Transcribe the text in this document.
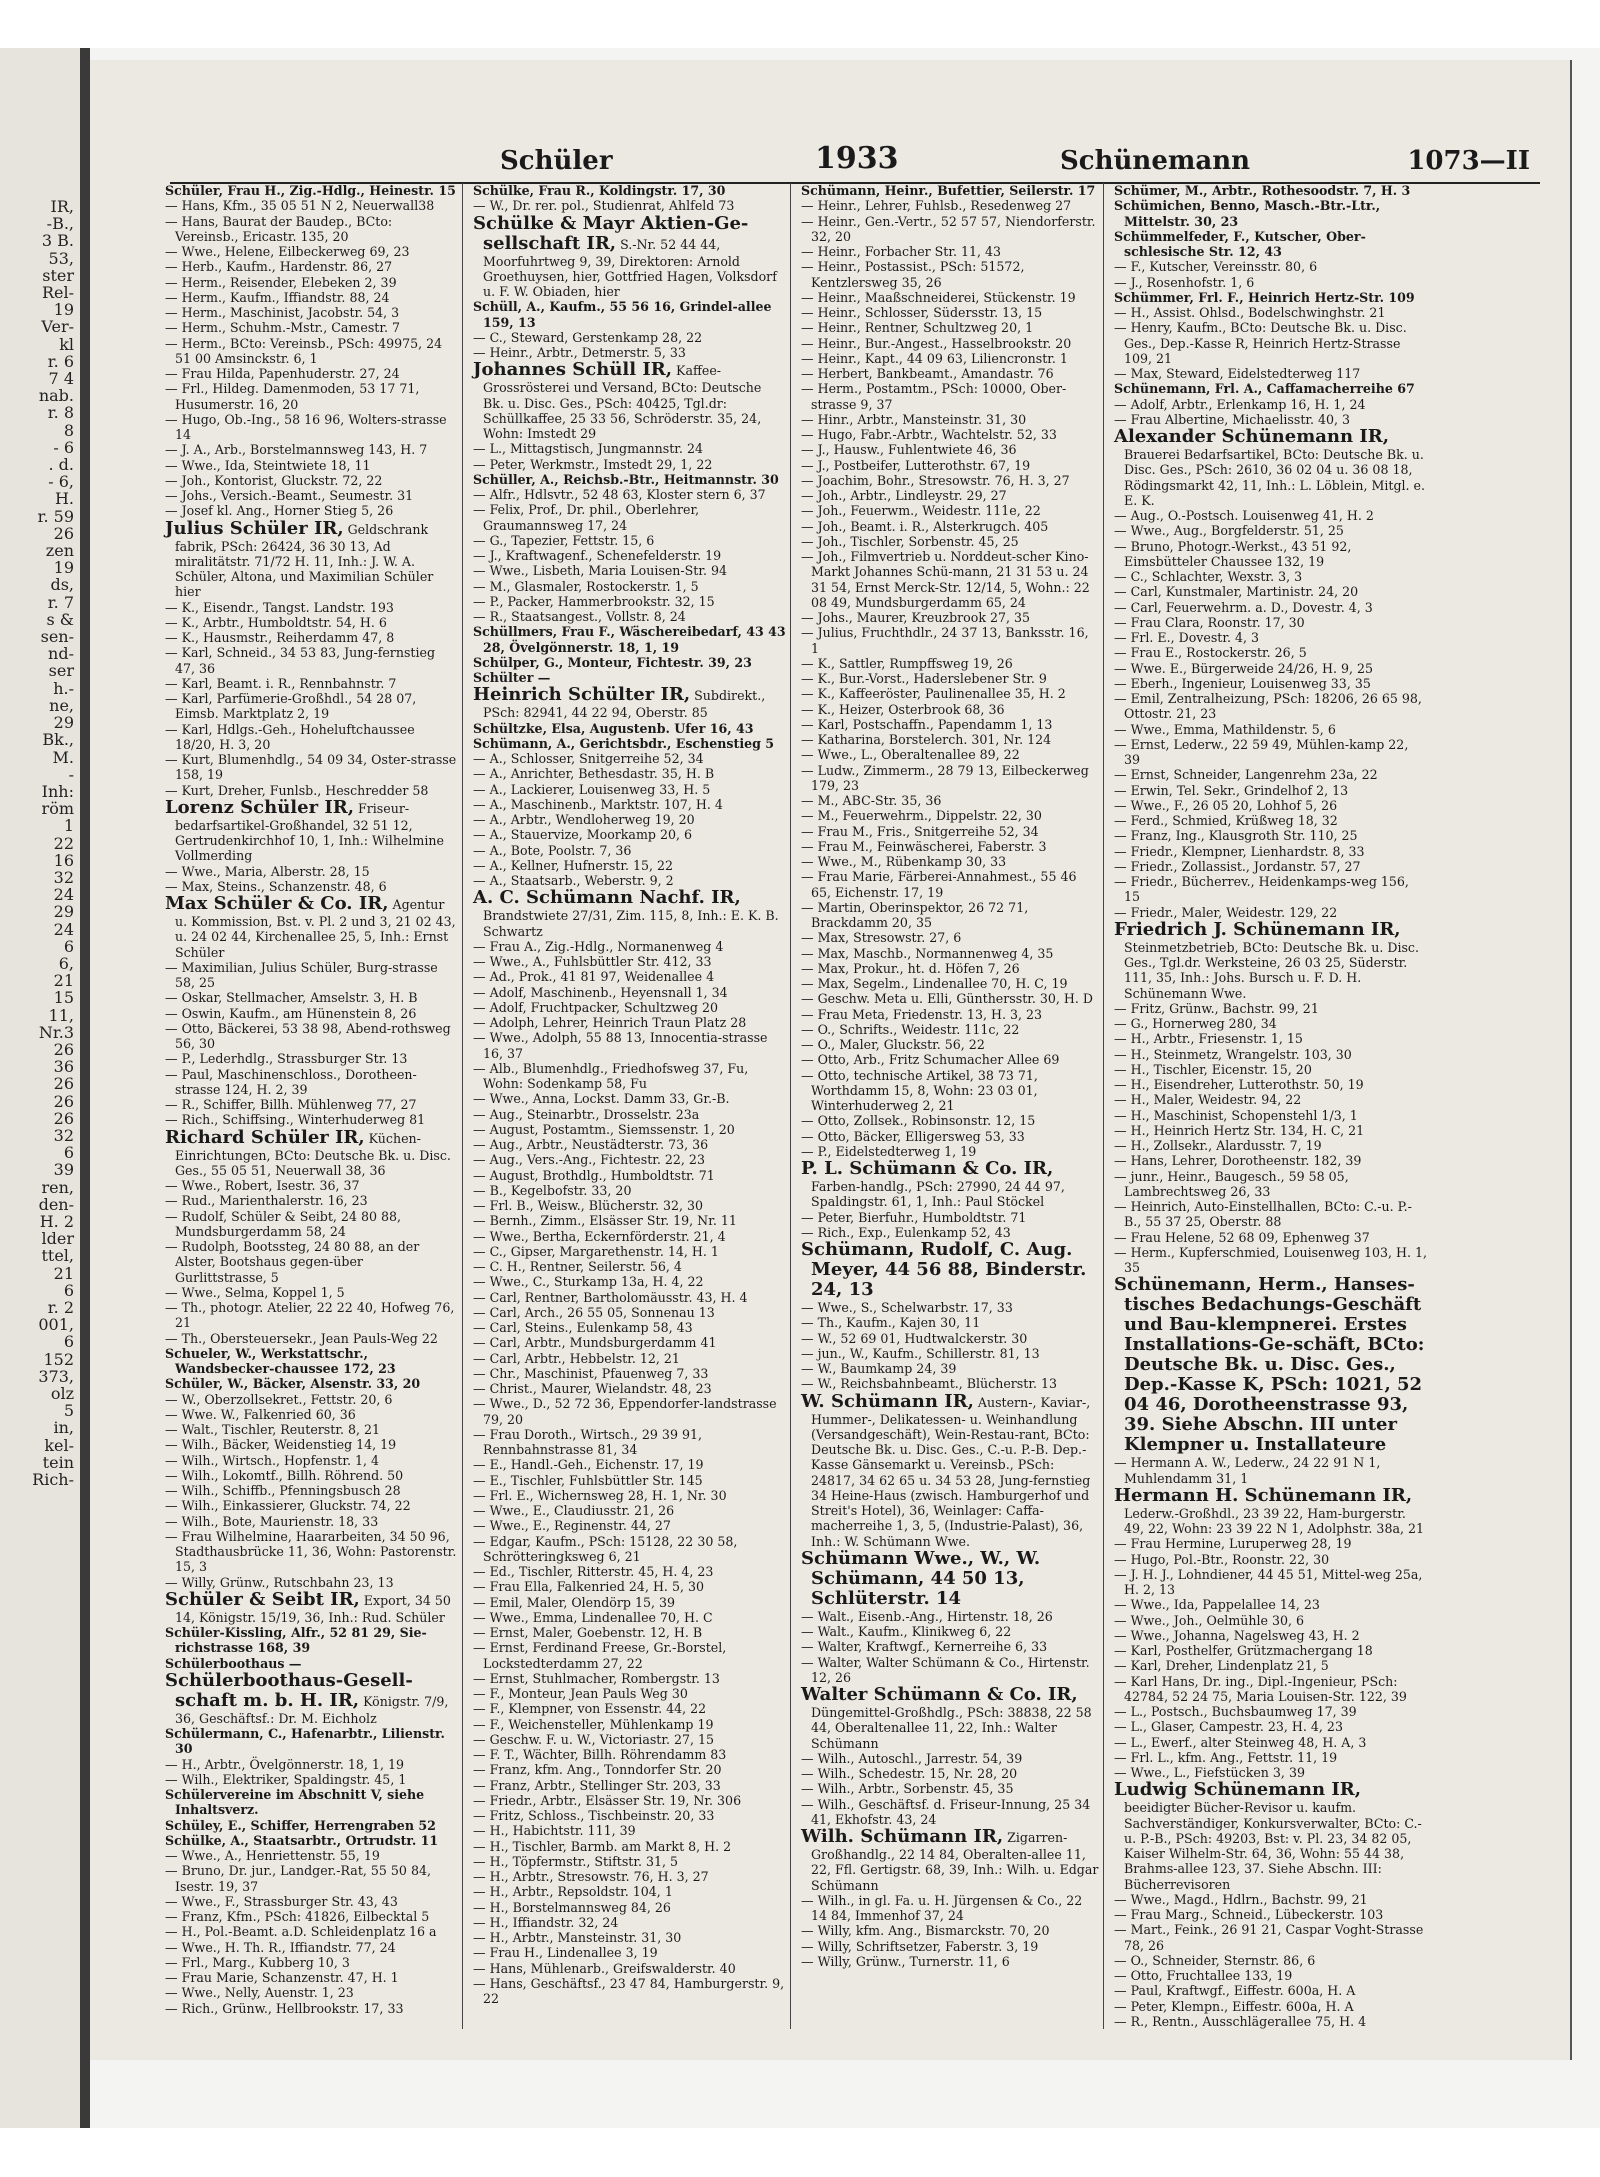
IR,
-B.,
3 B.
53,
ster
Rel-
19
Ver-
kl
r. 6
7 4
nab.
r. 8
8
- 6
. d.
- 6,
H.
r. 59
26
zen
19
ds,
r. 7
s &
sen-
nd-
ser
h.-
ne,
29
Bk.,
M.
-
Inh:
röm
1
22
16
32
24
29
24
6
6,
21
15
11,
Nr.3
26
36
26
26
26
32
6
39
ren,
den-
H. 2
lder
ttel,
21
6
r. 2
001,
6
152
373,
olz
5
in,
kel-
tein
Rich-
Schüler	1933	Schünemann	1073—II

Schüler, Frau H., Zig.-Hdlg., Heinestr. 15

— Hans, Kfm., 35 05 51 N 2, Neuerwall38

— Hans, Baurat der Baudep., BCto: Vereinsb., Ericastr. 135, 20

— Wwe., Helene, Eilbeckerweg 69, 23

— Herb., Kaufm., Hardenstr. 86, 27

— Herm., Reisender, Elebeken 2, 39

— Herm., Kaufm., Iffiandstr. 88, 24

— Herm., Maschinist, Jacobstr. 54, 3

— Herm., Schuhm.-Mstr., Camestr. 7

— Herm., BCto: Vereinsb., PSch: 49975, 24 51 00 Amsinckstr. 6, 1

— Frau Hilda, Papenhuderstr. 27, 24

— Frl., Hildeg. Damenmoden, 53 17 71, Husumerstr. 16, 20

— Hugo, Ob.-Ing., 58 16 96, Wolters-strasse 14

— J. A., Arb., Borstelmannsweg 143, H. 7

— Wwe., Ida, Steintwiete 18, 11

— Joh., Kontorist, Gluckstr. 72, 22

— Johs., Versich.-Beamt., Seumestr. 31

— Josef kl. Ang., Horner Stieg 5, 26

Julius Schüler IR, Geldschrank fabrik, PSch: 26424, 36 30 13, Ad miralitätstr. 71/72 H. 11, Inh.: J. W. A. Schüler, Altona, und Maximilian Schüler hier

— K., Eisendr., Tangst. Landstr. 193

— K., Arbtr., Humboldtstr. 54, H. 6

— K., Hausmstr., Reiherdamm 47, 8

— Karl, Schneid., 34 53 83, Jung-fernstieg 47, 36

— Karl, Beamt. i. R., Rennbahnstr. 7

— Karl, Parfümerie-Großhdl., 54 28 07, Eimsb. Marktplatz 2, 19

— Karl, Hdlgs.-Geh., Hoheluftchaussee 18/20, H. 3, 20

— Kurt, Blumenhdlg., 54 09 34, Oster-strasse 158, 19

— Kurt, Dreher, Funlsb., Heschredder 58

Lorenz Schüler IR, Friseur-bedarfsartikel-Großhandel, 32 51 12, Gertrudenkirchhof 10, 1, Inh.: Wilhelmine Vollmerding

— Wwe., Maria, Alberstr. 28, 15

— Max, Steins., Schanzenstr. 48, 6

Max Schüler & Co. IR, Agentur u. Kommission, Bst. v. Pl. 2 und 3, 21 02 43, u. 24 02 44, Kirchenallee 25, 5, Inh.: Ernst Schüler

— Maximilian, Julius Schüler, Burg-strasse 58, 25

— Oskar, Stellmacher, Amselstr. 3, H. B

— Oswin, Kaufm., am Hünenstein 8, 26

— Otto, Bäckerei, 53 38 98, Abend-rothsweg 56, 30

— P., Lederhdlg., Strassburger Str. 13

— Paul, Maschinenschloss., Dorotheen-strasse 124, H. 2, 39

— R., Schiffer, Billh. Mühlenweg 77, 27

— Rich., Schiffsing., Winterhuderweg 81

Richard Schüler IR, Küchen-Einrichtungen, BCto: Deutsche Bk. u. Disc. Ges., 55 05 51, Neuerwall 38, 36

— Wwe., Robert, Isestr. 36, 37

— Rud., Marienthalerstr. 16, 23

— Rudolf, Schüler & Seibt, 24 80 88, Mundsburgerdamm 58, 24

— Rudolph, Bootssteg, 24 80 88, an der Alster, Bootshaus gegen-über Gurlittstrasse, 5

— Wwe., Selma, Koppel 1, 5

— Th., photogr. Atelier, 22 22 40, Hofweg 76, 21

— Th., Obersteuersekr., Jean Pauls-Weg 22

Schueler, W., Werkstattschr., Wandsbecker-chaussee 172, 23

Schüler, W., Bäcker, Alsenstr. 33, 20

— W., Oberzollsekret., Fettstr. 20, 6

— Wwe. W., Falkenried 60, 36

— Walt., Tischler, Reuterstr. 8, 21

— Wilh., Bäcker, Weidenstieg 14, 19

— Wilh., Wirtsch., Hopfenstr. 1, 4

— Wilh., Lokomtf., Billh. Röhrend. 50

— Wilh., Schiffb., Pfenningsbusch 28

— Wilh., Einkassierer, Gluckstr. 74, 22

— Wilh., Bote, Maurienstr. 18, 33

— Frau Wilhelmine, Haararbeiten, 34 50 96, Stadthausbrücke 11, 36, Wohn: Pastorenstr. 15, 3

— Willy, Grünw., Rutschbahn 23, 13

Schüler & Seibt IR, Export, 34 50 14, Königstr. 15/19, 36, Inh.: Rud. Schüler

Schüler-Kissling, Alfr., 52 81 29, Sie-richstrasse 168, 39

Schülerboothaus —

Schülerboothaus-Gesell-schaft m. b. H. IR, Königstr. 7/9, 36, Geschäftsf.: Dr. M. Eichholz

Schülermann, C., Hafenarbtr., Lilienstr. 30

— H., Arbtr., Övelgönnerstr. 18, 1, 19

— Wilh., Elektriker, Spaldingstr. 45, 1

Schülervereine im Abschnitt V, siehe Inhaltsverz.

Schüley, E., Schiffer, Herrengraben 52

Schülke, A., Staatsarbtr., Ortrudstr. 11

— Wwe., A., Henriettenstr. 55, 19

— Bruno, Dr. jur., Landger.-Rat, 55 50 84, Isestr. 19, 37

— Wwe., F., Strassburger Str. 43, 43

— Franz, Kfm., PSch: 41826, Eilbecktal 5

— H., Pol.-Beamt. a.D. Schleidenplatz 16 a

— Wwe., H. Th. R., Iffiandstr. 77, 24

— Frl., Marg., Kubberg 10, 3

— Frau Marie, Schanzenstr. 47, H. 1

— Wwe., Nelly, Auenstr. 1, 23

— Rich., Grünw., Hellbrookstr. 17, 33

Schülke, Frau R., Koldingstr. 17, 30

— W., Dr. rer. pol., Studienrat, Ahlfeld 73

Schülke & Mayr Aktien-Ge-sellschaft IR, S.-Nr. 52 44 44, Moorfuhrtweg 9, 39, Direktoren: Arnold Groethuysen, hier, Gottfried Hagen, Volksdorf u. F. W. Obiaden, hier

Schüll, A., Kaufm., 55 56 16, Grindel-allee 159, 13

— C., Steward, Gerstenkamp 28, 22

— Heinr., Arbtr., Detmerstr. 5, 33

Johannes Schüll IR, Kaffee-Grossrösterei und Versand, BCto: Deutsche Bk. u. Disc. Ges., PSch: 40425, Tgl.dr: Schüllkaffee, 25 33 56, Schröderstr. 35, 24, Wohn: Imstedt 29

— L., Mittagstisch, Jungmannstr. 24

— Peter, Werkmstr., Imstedt 29, 1, 22

Schüller, A., Reichsb.-Btr., Heitmannstr. 30

— Alfr., Hdlsvtr., 52 48 63, Kloster stern 6, 37

— Felix, Prof., Dr. phil., Oberlehrer, Graumannsweg 17, 24

— G., Tapezier, Fettstr. 15, 6

— J., Kraftwagenf., Schenefelderstr. 19

— Wwe., Lisbeth, Maria Louisen-Str. 94

— M., Glasmaler, Rostockerstr. 1, 5

— P., Packer, Hammerbrookstr. 32, 15

— R., Staatsangest., Vollstr. 8, 24

Schüllmers, Frau F., Wäschereibedarf, 43 43 28, Övelgönnerstr. 18, 1, 19

Schülper, G., Monteur, Fichtestr. 39, 23

Schülter —

Heinrich Schülter IR, Subdirekt., PSch: 82941, 44 22 94, Oberstr. 85

Schültzke, Elsa, Augustenb. Ufer 16, 43

Schümann, A., Gerichtsbdr., Eschenstieg 5

— A., Schlosser, Snitgerreihe 52, 34

— A., Anrichter, Bethesdastr. 35, H. B

— A., Lackierer, Louisenweg 33, H. 5

— A., Maschinenb., Marktstr. 107, H. 4

— A., Arbtr., Wendloherweg 19, 20

— A., Stauervize, Moorkamp 20, 6

— A., Bote, Poolstr. 7, 36

— A., Kellner, Hufnerstr. 15, 22

— A., Staatsarb., Weberstr. 9, 2

A. C. Schümann Nachf. IR, Brandstwiete 27/31, Zim. 115, 8, Inh.: E. K. B. Schwartz

— Frau A., Zig.-Hdlg., Normanenweg 4

— Wwe., A., Fuhlsbüttler Str. 412, 33

— Ad., Prok., 41 81 97, Weidenallee 4

— Adolf, Maschinenb., Heyensnall 1, 34

— Adolf, Fruchtpacker, Schultzweg 20

— Adolph, Lehrer, Heinrich Traun Platz 28

— Wwe., Adolph, 55 88 13, Innocentia-strasse 16, 37

— Alb., Blumenhdlg., Friedhofsweg 37, Fu, Wohn: Sodenkamp 58, Fu

— Wwe., Anna, Lockst. Damm 33, Gr.-B.

— Aug., Steinarbtr., Drosselstr. 23a

— August, Postamtm., Siemssenstr. 1, 20

— Aug., Arbtr., Neustädterstr. 73, 36

— Aug., Vers.-Ang., Fichtestr. 22, 23

— August, Brothdlg., Humboldtstr. 71

— B., Kegelbofstr. 33, 20

— Frl. B., Weisw., Blücherstr. 32, 30

— Bernh., Zimm., Elsässer Str. 19, Nr. 11

— Wwe., Bertha, Eckernförderstr. 21, 4

— C., Gipser, Margarethenstr. 14, H. 1

— C. H., Rentner, Seilerstr. 56, 4

— Wwe., C., Sturkamp 13a, H. 4, 22

— Carl, Rentner, Bartholomäusstr. 43, H. 4

— Carl, Arch., 26 55 05, Sonnenau 13

— Carl, Steins., Eulenkamp 58, 43

— Carl, Arbtr., Mundsburgerdamm 41

— Carl, Arbtr., Hebbelstr. 12, 21

— Chr., Maschinist, Pfauenweg 7, 33

— Christ., Maurer, Wielandstr. 48, 23

— Wwe., D., 52 72 36, Eppendorfer-landstrasse 79, 20

— Frau Doroth., Wirtsch., 29 39 91, Rennbahnstrasse 81, 34

— E., Handl.-Geh., Eichenstr. 17, 19

— E., Tischler, Fuhlsbüttler Str. 145

— Frl. E., Wichernsweg 28, H. 1, Nr. 30

— Wwe., E., Claudiusstr. 21, 26

— Wwe., E., Reginenstr. 44, 27

— Edgar, Kaufm., PSch: 15128, 22 30 58, Schrötteringksweg 6, 21

— Ed., Tischler, Ritterstr. 45, H. 4, 23

— Frau Ella, Falkenried 24, H. 5, 30

— Emil, Maler, Olendörp 15, 39

— Wwe., Emma, Lindenallee 70, H. C

— Ernst, Maler, Goebenstr. 12, H. B

— Ernst, Ferdinand Freese, Gr.-Borstel, Lockstedterdamm 27, 22

— Ernst, Stuhlmacher, Rombergstr. 13

— F., Monteur, Jean Pauls Weg 30

— F., Klempner, von Essenstr. 44, 22

— F., Weichensteller, Mühlenkamp 19

— Geschw. F. u. W., Victoriastr. 27, 15

— F. T., Wächter, Billh. Röhrendamm 83

— Franz, kfm. Ang., Tonndorfer Str. 20

— Franz, Arbtr., Stellinger Str. 203, 33

— Friedr., Arbtr., Elsässer Str. 19, Nr. 306

— Fritz, Schloss., Tischbeinstr. 20, 33

— H., Habichtstr. 111, 39

— H., Tischler, Barmb. am Markt 8, H. 2

— H., Töpfermstr., Stiftstr. 31, 5

— H., Arbtr., Stresowstr. 76, H. 3, 27

— H., Arbtr., Repsoldstr. 104, 1

— H., Borstelmannsweg 84, 26

— H., Iffiandstr. 32, 24

— H., Arbtr., Mansteinstr. 31, 30

— Frau H., Lindenallee 3, 19

— Hans, Mühlenarb., Greifswalderstr. 40

— Hans, Geschäftsf., 23 47 84, Hamburgerstr. 9, 22

Schümann, Heinr., Bufettier, Seilerstr. 17

— Heinr., Lehrer, Fuhlsb., Resedenweg 27

— Heinr., Gen.-Vertr., 52 57 57, Niendorferstr. 32, 20

— Heinr., Forbacher Str. 11, 43

— Heinr., Postassist., PSch: 51572, Kentzlersweg 35, 26

— Heinr., Maaßschneiderei, Stückenstr. 19

— Heinr., Schlosser, Südersstr. 13, 15

— Heinr., Rentner, Schultzweg 20, 1

— Heinr., Bur.-Angest., Hasselbrookstr. 20

— Heinr., Kapt., 44 09 63, Liliencronstr. 1

— Herbert, Bankbeamt., Amandastr. 76

— Herm., Postamtm., PSch: 10000, Ober-strasse 9, 37

— Hinr., Arbtr., Mansteinstr. 31, 30

— Hugo, Fabr.-Arbtr., Wachtelstr. 52, 33

— J., Hausw., Fuhlentwiete 46, 36

— J., Postbeifer, Lutterothstr. 67, 19

— Joachim, Bohr., Stresowstr. 76, H. 3, 27

— Joh., Arbtr., Lindleystr. 29, 27

— Joh., Feuerwm., Weidestr. 111e, 22

— Joh., Beamt. i. R., Alsterkrugch. 405

— Joh., Tischler, Sorbenstr. 45, 25

— Joh., Filmvertrieb u. Norddeut-scher Kino-Markt Johannes Schü-mann, 21 31 53 u. 24 31 54, Ernst Merck-Str. 12/14, 5, Wohn.: 22 08 49, Mundsburgerdamm 65, 24

— Johs., Maurer, Kreuzbrook 27, 35

— Julius, Fruchthdlr., 24 37 13, Banksstr. 16, 1

— K., Sattler, Rumpffsweg 19, 26

— K., Bur.-Vorst., Haderslebener Str. 9

— K., Kaffeeröster, Paulinenallee 35, H. 2

— K., Heizer, Osterbrook 68, 36

— Karl, Postschaffn., Papendamm 1, 13

— Katharina, Borstelerch. 301, Nr. 124

— Wwe., L., Oberaltenallee 89, 22

— Ludw., Zimmerm., 28 79 13, Eilbeckerweg 179, 23

— M., ABC-Str. 35, 36

— M., Feuerwehrm., Dippelstr. 22, 30

— Frau M., Fris., Snitgerreihe 52, 34

— Frau M., Feinwäscherei, Faberstr. 3

— Wwe., M., Rübenkamp 30, 33

— Frau Marie, Färberei-Annahmest., 55 46 65, Eichenstr. 17, 19

— Martin, Oberinspektor, 26 72 71, Brackdamm 20, 35

— Max, Stresowstr. 27, 6

— Max, Maschb., Normannenweg 4, 35

— Max, Prokur., ht. d. Höfen 7, 26

— Max, Segelm., Lindenallee 70, H. C, 19

— Geschw. Meta u. Elli, Günthersstr. 30, H. D

— Frau Meta, Friedenstr. 13, H. 3, 23

— O., Schrifts., Weidestr. 111c, 22

— O., Maler, Gluckstr. 56, 22

— Otto, Arb., Fritz Schumacher Allee 69

— Otto, technische Artikel, 38 73 71, Worthdamm 15, 8, Wohn: 23 03 01, Winterhuderweg 2, 21

— Otto, Zollsek., Robinsonstr. 12, 15

— Otto, Bäcker, Elligersweg 53, 33

— P., Eidelstedterweg 1, 19

P. L. Schümann & Co. IR, Farben-handlg., PSch: 27990, 24 44 97, Spaldingstr. 61, 1, Inh.: Paul Stöckel

— Peter, Bierfuhr., Humboldtstr. 71

— Rich., Exp., Eulenkamp 52, 43

Schümann, Rudolf, C. Aug. Meyer, 44 56 88, Binderstr. 24, 13

— Wwe., S., Schelwarbstr. 17, 33

— Th., Kaufm., Kajen 30, 11

— W., 52 69 01, Hudtwalckerstr. 30

— jun., W., Kaufm., Schillerstr. 81, 13

— W., Baumkamp 24, 39

— W., Reichsbahnbeamt., Blücherstr. 13

W. Schümann IR, Austern-, Kaviar-, Hummer-, Delikatessen- u. Weinhandlung (Versandgeschäft), Wein-Restau-rant, BCto: Deutsche Bk. u. Disc. Ges., C.-u. P.-B. Dep.-Kasse Gänsemarkt u. Vereinsb., PSch: 24817, 34 62 65 u. 34 53 28, Jung-fernstieg 34 Heine-Haus (zwisch. Hamburgerhof und Streit's Hotel), 36, Weinlager: Caffa-macherreihe 1, 3, 5, (Industrie-Palast), 36, Inh.: W. Schümann Wwe.

Schümann Wwe., W., W. Schümann, 44 50 13, Schlüterstr. 14

— Walt., Eisenb.-Ang., Hirtenstr. 18, 26

— Walt., Kaufm., Klinikweg 6, 22

— Walter, Kraftwgf., Kernerreihe 6, 33

— Walter, Walter Schümann & Co., Hirtenstr. 12, 26

Walter Schümann & Co. IR, Düngemittel-Großhdlg., PSch: 38838, 22 58 44, Oberaltenallee 11, 22, Inh.: Walter Schümann

— Wilh., Autoschl., Jarrestr. 54, 39

— Wilh., Schedestr. 15, Nr. 28, 20

— Wilh., Arbtr., Sorbenstr. 45, 35

— Wilh., Geschäftsf. d. Friseur-Innung, 25 34 41, Ekhofstr. 43, 24

Wilh. Schümann IR, Zigarren-Großhandlg., 22 14 84, Oberalten-allee 11, 22, Ffl. Gertigstr. 68, 39, Inh.: Wilh. u. Edgar Schümann

— Wilh., in gl. Fa. u. H. Jürgensen & Co., 22 14 84, Immenhof 37, 24

— Willy, kfm. Ang., Bismarckstr. 70, 20

— Willy, Schriftsetzer, Faberstr. 3, 19

— Willy, Grünw., Turnerstr. 11, 6

Schümer, M., Arbtr., Rothesoodstr. 7, H. 3

Schümichen, Benno, Masch.-Btr.-Ltr., Mittelstr. 30, 23

Schümmelfeder, F., Kutscher, Ober-schlesische Str. 12, 43

— F., Kutscher, Vereinsstr. 80, 6

— J., Rosenhofstr. 1, 6

Schümmer, Frl. F., Heinrich Hertz-Str. 109

— H., Assist. Ohlsd., Bodelschwinghstr. 21

— Henry, Kaufm., BCto: Deutsche Bk. u. Disc. Ges., Dep.-Kasse R, Heinrich Hertz-Strasse 109, 21

— Max, Steward, Eidelstedterweg 117

Schünemann, Frl. A., Caffamacherreihe 67

— Adolf, Arbtr., Erlenkamp 16, H. 1, 24

— Frau Albertine, Michaelisstr. 40, 3

Alexander Schünemann IR, Brauerei Bedarfsartikel, BCto: Deutsche Bk. u. Disc. Ges., PSch: 2610, 36 02 04 u. 36 08 18, Rödingsmarkt 42, 11, Inh.: L. Löblein, Mitgl. e. E. K.

— Aug., O.-Postsch. Louisenweg 41, H. 2

— Wwe., Aug., Borgfelderstr. 51, 25

— Bruno, Photogr.-Werkst., 43 51 92, Eimsbütteler Chaussee 132, 19

— C., Schlachter, Wexstr. 3, 3

— Carl, Kunstmaler, Martinistr. 24, 20

— Carl, Feuerwehrm. a. D., Dovestr. 4, 3

— Frau Clara, Roonstr. 17, 30

— Frl. E., Dovestr. 4, 3

— Frau E., Rostockerstr. 26, 5

— Wwe. E., Bürgerweide 24/26, H. 9, 25

— Eberh., Ingenieur, Louisenweg 33, 35

— Emil, Zentralheizung, PSch: 18206, 26 65 98, Ottostr. 21, 23

— Wwe., Emma, Mathildenstr. 5, 6

— Ernst, Lederw., 22 59 49, Mühlen-kamp 22, 39

— Ernst, Schneider, Langenrehm 23a, 22

— Erwin, Tel. Sekr., Grindelhof 2, 13

— Wwe., F., 26 05 20, Lohhof 5, 26

— Ferd., Schmied, Krüßweg 18, 32

— Franz, Ing., Klausgroth Str. 110, 25

— Friedr., Klempner, Lienhardstr. 8, 33

— Friedr., Zollassist., Jordanstr. 57, 27

— Friedr., Bücherrev., Heidenkamps-weg 156, 15

— Friedr., Maler, Weidestr. 129, 22

Friedrich J. Schünemann IR, Steinmetzbetrieb, BCto: Deutsche Bk. u. Disc. Ges., Tgl.dr. Werksteine, 26 03 25, Süderstr. 111, 35, Inh.: Johs. Bursch u. F. D. H. Schünemann Wwe.

— Fritz, Grünw., Bachstr. 99, 21

— G., Hornerweg 280, 34

— H., Arbtr., Friesenstr. 1, 15

— H., Steinmetz, Wrangelstr. 103, 30

— H., Tischler, Eicenstr. 15, 20

— H., Eisendreher, Lutterothstr. 50, 19

— H., Maler, Weidestr. 94, 22

— H., Maschinist, Schopenstehl 1/3, 1

— H., Heinrich Hertz Str. 134, H. C, 21

— H., Zollsekr., Alardusstr. 7, 19

— Hans, Lehrer, Dorotheenstr. 182, 39

— junr., Heinr., Baugesch., 59 58 05, Lambrechtsweg 26, 33

— Heinrich, Auto-Einstellhallen, BCto: C.-u. P.-B., 55 37 25, Oberstr. 88

— Frau Helene, 52 68 09, Ephenweg 37

— Herm., Kupferschmied, Louisenweg 103, H. 1, 35

Schünemann, Herm., Hanses-tisches Bedachungs-Geschäft und Bau-klempnerei. Erstes Installations-Ge-schäft, BCto: Deutsche Bk. u. Disc. Ges., Dep.-Kasse K, PSch: 1021, 52 04 46, Dorotheenstrasse 93, 39. Siehe Abschn. III unter Klempner u. Installateure

— Hermann A. W., Lederw., 24 22 91 N 1, Muhlendamm 31, 1

Hermann H. Schünemann IR, Lederw.-Großhdl., 23 39 22, Ham-burgerstr. 49, 22, Wohn: 23 39 22 N 1, Adolphstr. 38a, 21

— Frau Hermine, Luruperweg 28, 19

— Hugo, Pol.-Btr., Roonstr. 22, 30

— J. H. J., Lohndiener, 44 45 51, Mittel-weg 25a, H. 2, 13

— Wwe., Ida, Pappelallee 14, 23

— Wwe., Joh., Oelmühle 30, 6

— Wwe., Johanna, Nagelsweg 43, H. 2

— Karl, Posthelfer, Grützmachergang 18

— Karl, Dreher, Lindenplatz 21, 5

— Karl Hans, Dr. ing., Dipl.-Ingenieur, PSch: 42784, 52 24 75, Maria Louisen-Str. 122, 39

— L., Postsch., Buchsbaumweg 17, 39

— L., Glaser, Campestr. 23, H. 4, 23

— L., Ewerf., alter Steinweg 48, H. A, 3

— Frl. L., kfm. Ang., Fettstr. 11, 19

— Wwe., L., Fiefstücken 3, 39

Ludwig Schünemann IR, beeidigter Bücher-Revisor u. kaufm. Sachverständiger, Konkursverwalter, BCto: C.-u. P.-B., PSch: 49203, Bst: v. Pl. 23, 34 82 05, Kaiser Wilhelm-Str. 64, 36, Wohn: 55 44 38, Brahms-allee 123, 37. Siehe Abschn. III: Bücherrevisoren

— Wwe., Magd., Hdlrn., Bachstr. 99, 21

— Frau Marg., Schneid., Lübeckerstr. 103

— Mart., Feink., 26 91 21, Caspar Voght-Strasse 78, 26

— O., Schneider, Sternstr. 86, 6

— Otto, Fruchtallee 133, 19

— Paul, Kraftwgf., Eiffestr. 600a, H. A

— Peter, Klempn., Eiffestr. 600a, H. A

— R., Rentn., Ausschlägerallee 75, H. 4
